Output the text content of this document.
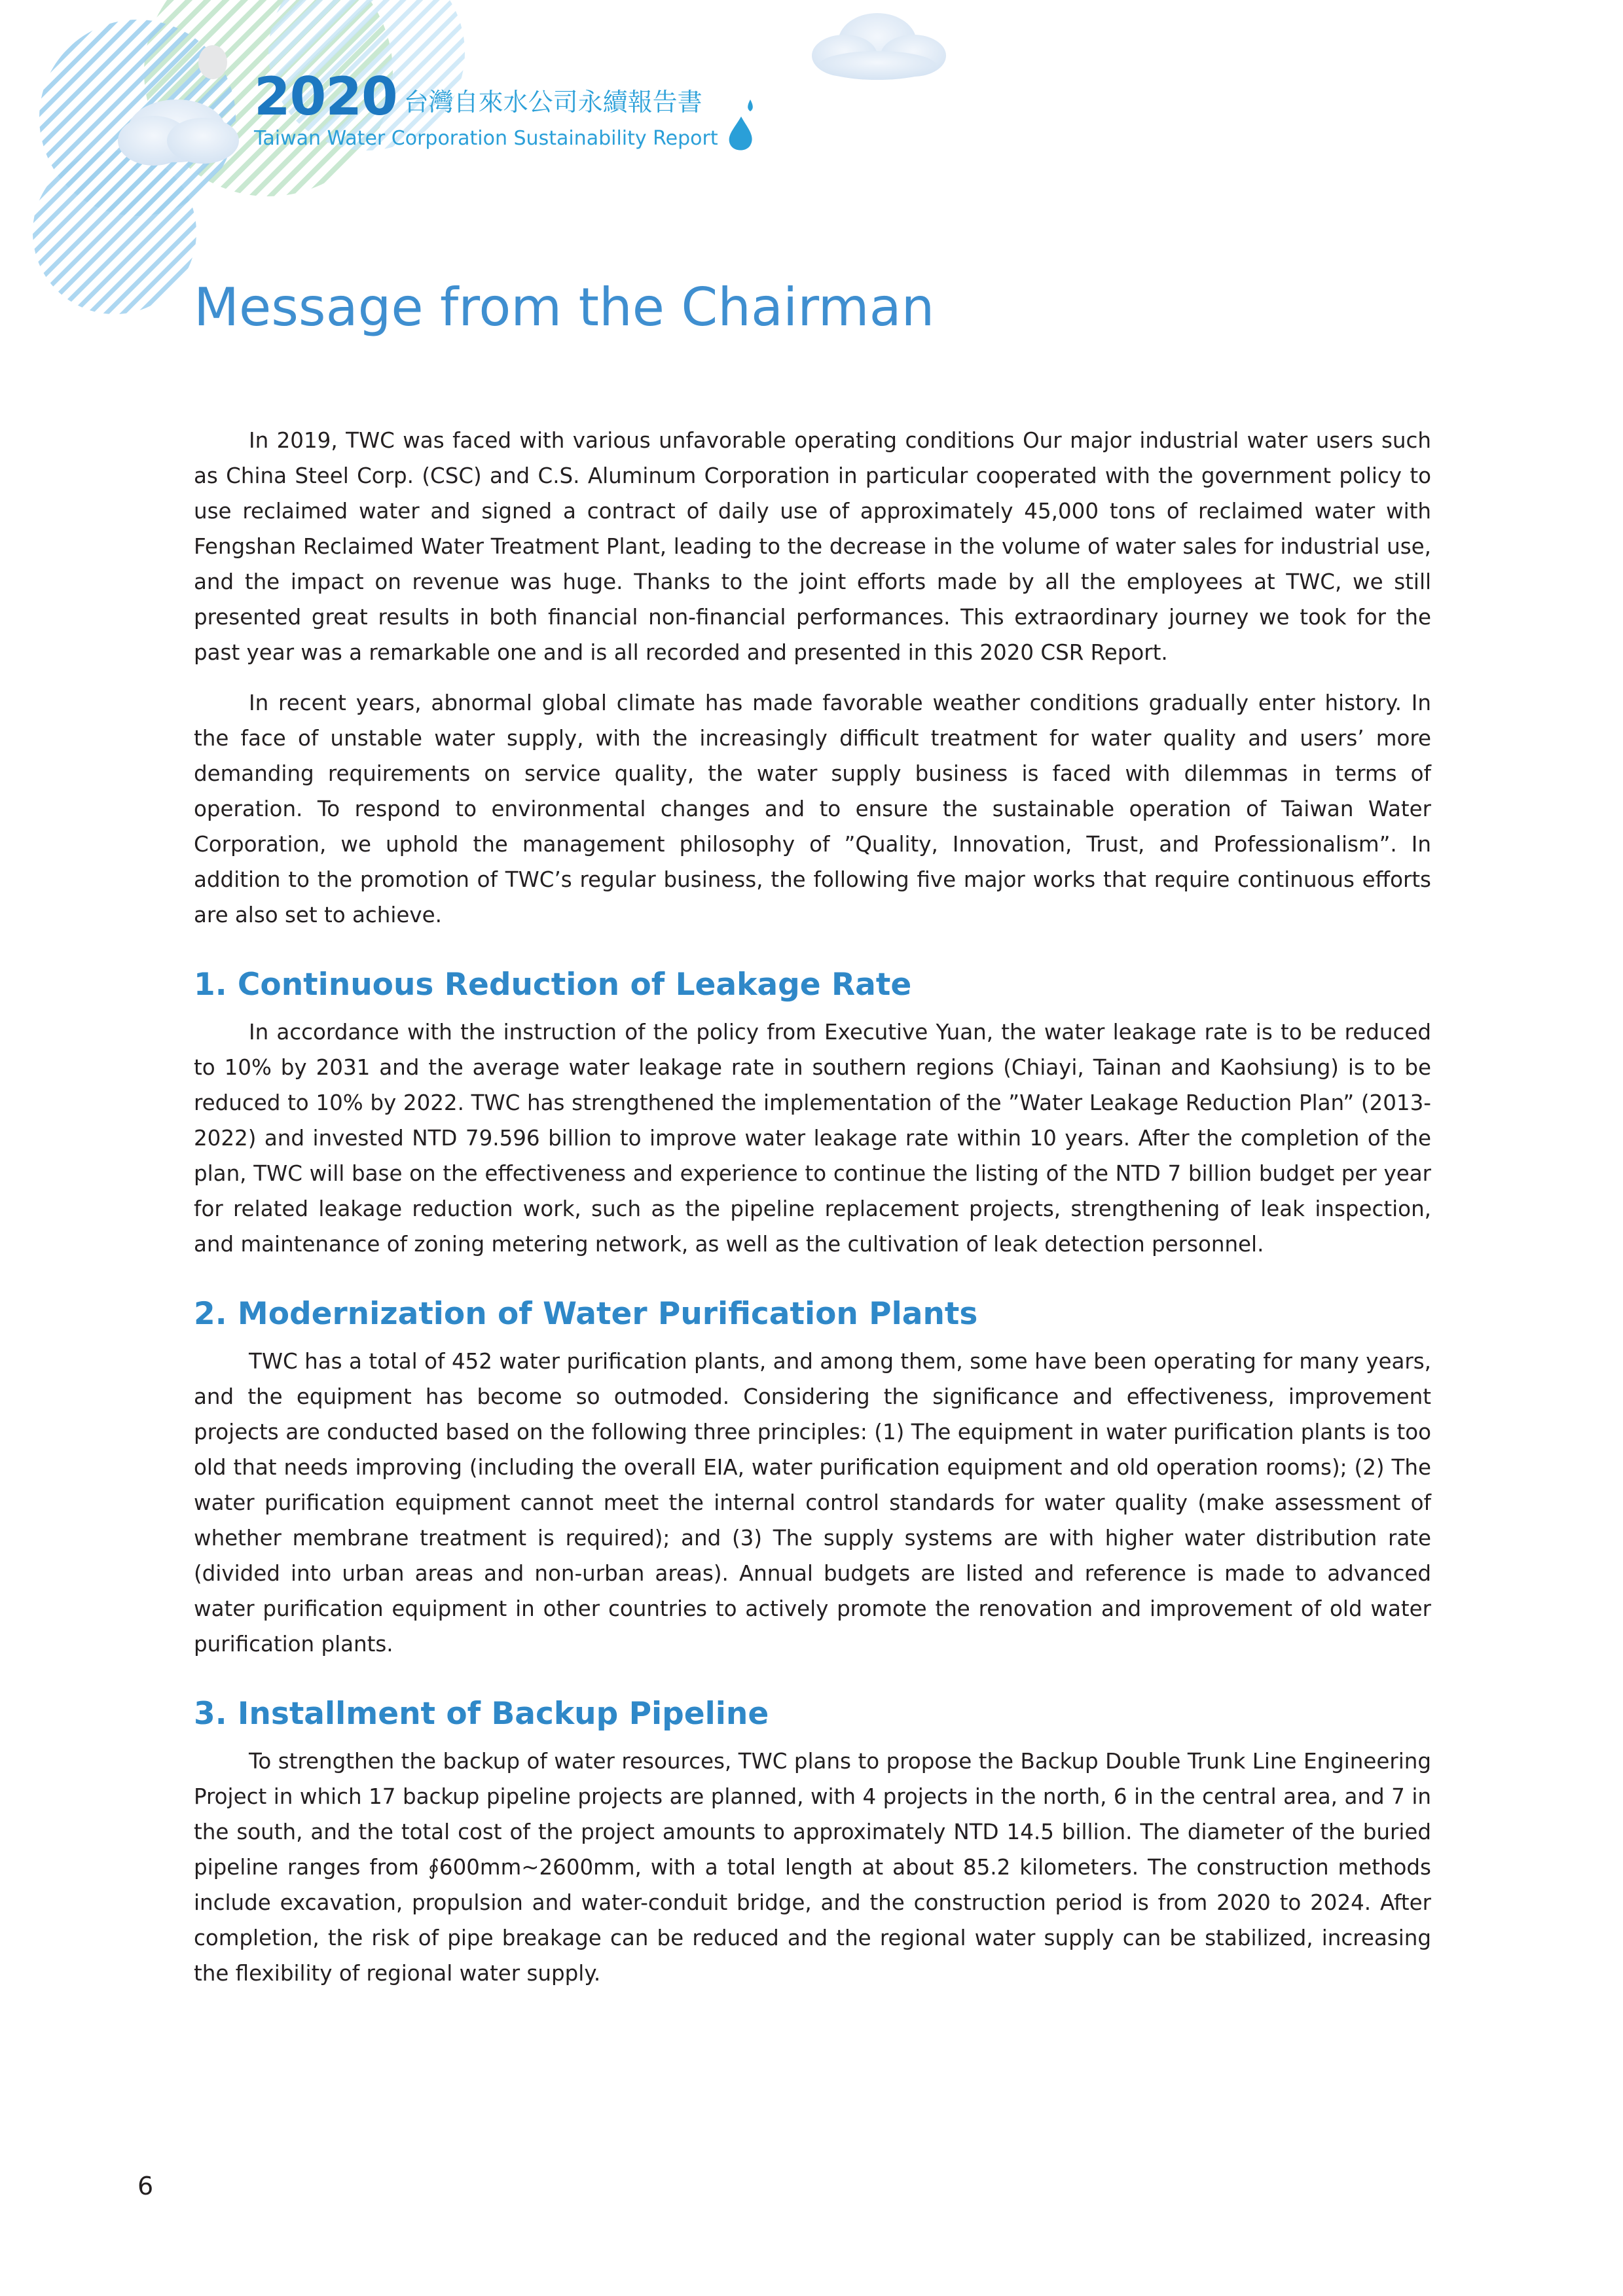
2020 台灣自來水公司永續報告書
Taiwan Water Corporation Sustainability Report
Message from the Chairman

In 2019, TWC was faced with various unfavorable operating conditions Our major industrial water users such as China Steel Corp. (CSC) and C.S. Aluminum Corporation in particular cooperated with the government policy to use reclaimed water and signed a contract of daily use of approximately 45,000 tons of reclaimed water with Fengshan Reclaimed Water Treatment Plant, leading to the decrease in the volume of water sales for industrial use, and the impact on revenue was huge. Thanks to the joint efforts made by all the employees at TWC, we still presented great results in both financial non-financial performances. This extraordinary journey we took for the past year was a remarkable one and is all recorded and presented in this 2020 CSR Report.

In recent years, abnormal global climate has made favorable weather conditions gradually enter history. In the face of unstable water supply, with the increasingly difficult treatment for water quality and users’ more demanding requirements on service quality, the water supply business is faced with dilemmas in terms of operation. To respond to environmental changes and to ensure the sustainable operation of Taiwan Water Corporation, we uphold the management philosophy of ”Quality, Innovation, Trust, and Professionalism”. In addition to the promotion of TWC’s regular business, the following five major works that require continuous efforts are also set to achieve.

1. Continuous Reduction of Leakage Rate

In accordance with the instruction of the policy from Executive Yuan, the water leakage rate is to be reduced to 10% by 2031 and the average water leakage rate in southern regions (Chiayi, Tainan and Kaohsiung) is to be reduced to 10% by 2022. TWC has strengthened the implementation of the ”Water Leakage Reduction Plan” (2013-2022) and invested NTD 79.596 billion to improve water leakage rate within 10 years. After the completion of the plan, TWC will base on the effectiveness and experience to continue the listing of the NTD 7 billion budget per year for related leakage reduction work, such as the pipeline replacement projects, strengthening of leak inspection, and maintenance of zoning metering network, as well as the cultivation of leak detection personnel.

2. Modernization of Water Purification Plants

TWC has a total of 452 water purification plants, and among them, some have been operating for many years, and the equipment has become so outmoded. Considering the significance and effectiveness, improvement projects are conducted based on the following three principles: (1) The equipment in water purification plants is too old that needs improving (including the overall EIA, water purification equipment and old operation rooms); (2) The water purification equipment cannot meet the internal control standards for water quality (make assessment of whether membrane treatment is required); and (3) The supply systems are with higher water distribution rate (divided into urban areas and non-urban areas). Annual budgets are listed and reference is made to advanced water purification equipment in other countries to actively promote the renovation and improvement of old water purification plants.

3. Installment of Backup Pipeline

To strengthen the backup of water resources, TWC plans to propose the Backup Double Trunk Line Engineering Project in which 17 backup pipeline projects are planned, with 4 projects in the north, 6 in the central area, and 7 in the south, and the total cost of the project amounts to approximately NTD 14.5 billion. The diameter of the buried pipeline ranges from ∮600mm~2600mm, with a total length at about 85.2 kilometers. The construction methods include excavation, propulsion and water-conduit bridge, and the construction period is from 2020 to 2024. After completion, the risk of pipe breakage can be reduced and the regional water supply can be stabilized, increasing the flexibility of regional water supply.

6
